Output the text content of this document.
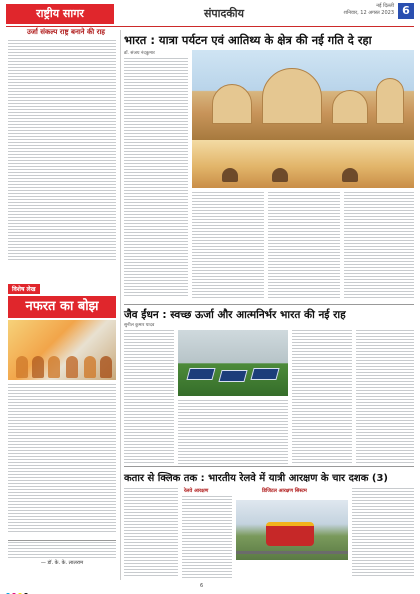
राष्ट्रीय सागर	संपादकीय
नई दिल्ली
शनिवार, 12 अगस्त 2023 6
उर्जा संकल्प राष्ट्र बनाने की राह
विशेष लेख
नफरत का बोझ
— डॉ. के. के. लालराम
भारत : यात्रा पर्यटन एवं आतिथ्य के क्षेत्र की नई गति दे रहा
डॉ. संजय नंदकुमार
जैव ईंधन : स्वच्छ ऊर्जा और आत्मनिर्भर भारत की नई राह
सुनील कुमार यादव
कतार से क्लिक तक : भारतीय रेलवे में यात्री आरक्षण के चार दशक (3)
रेलवे आरक्षण	डिजिटल आरक्षण सिस्टम
6
